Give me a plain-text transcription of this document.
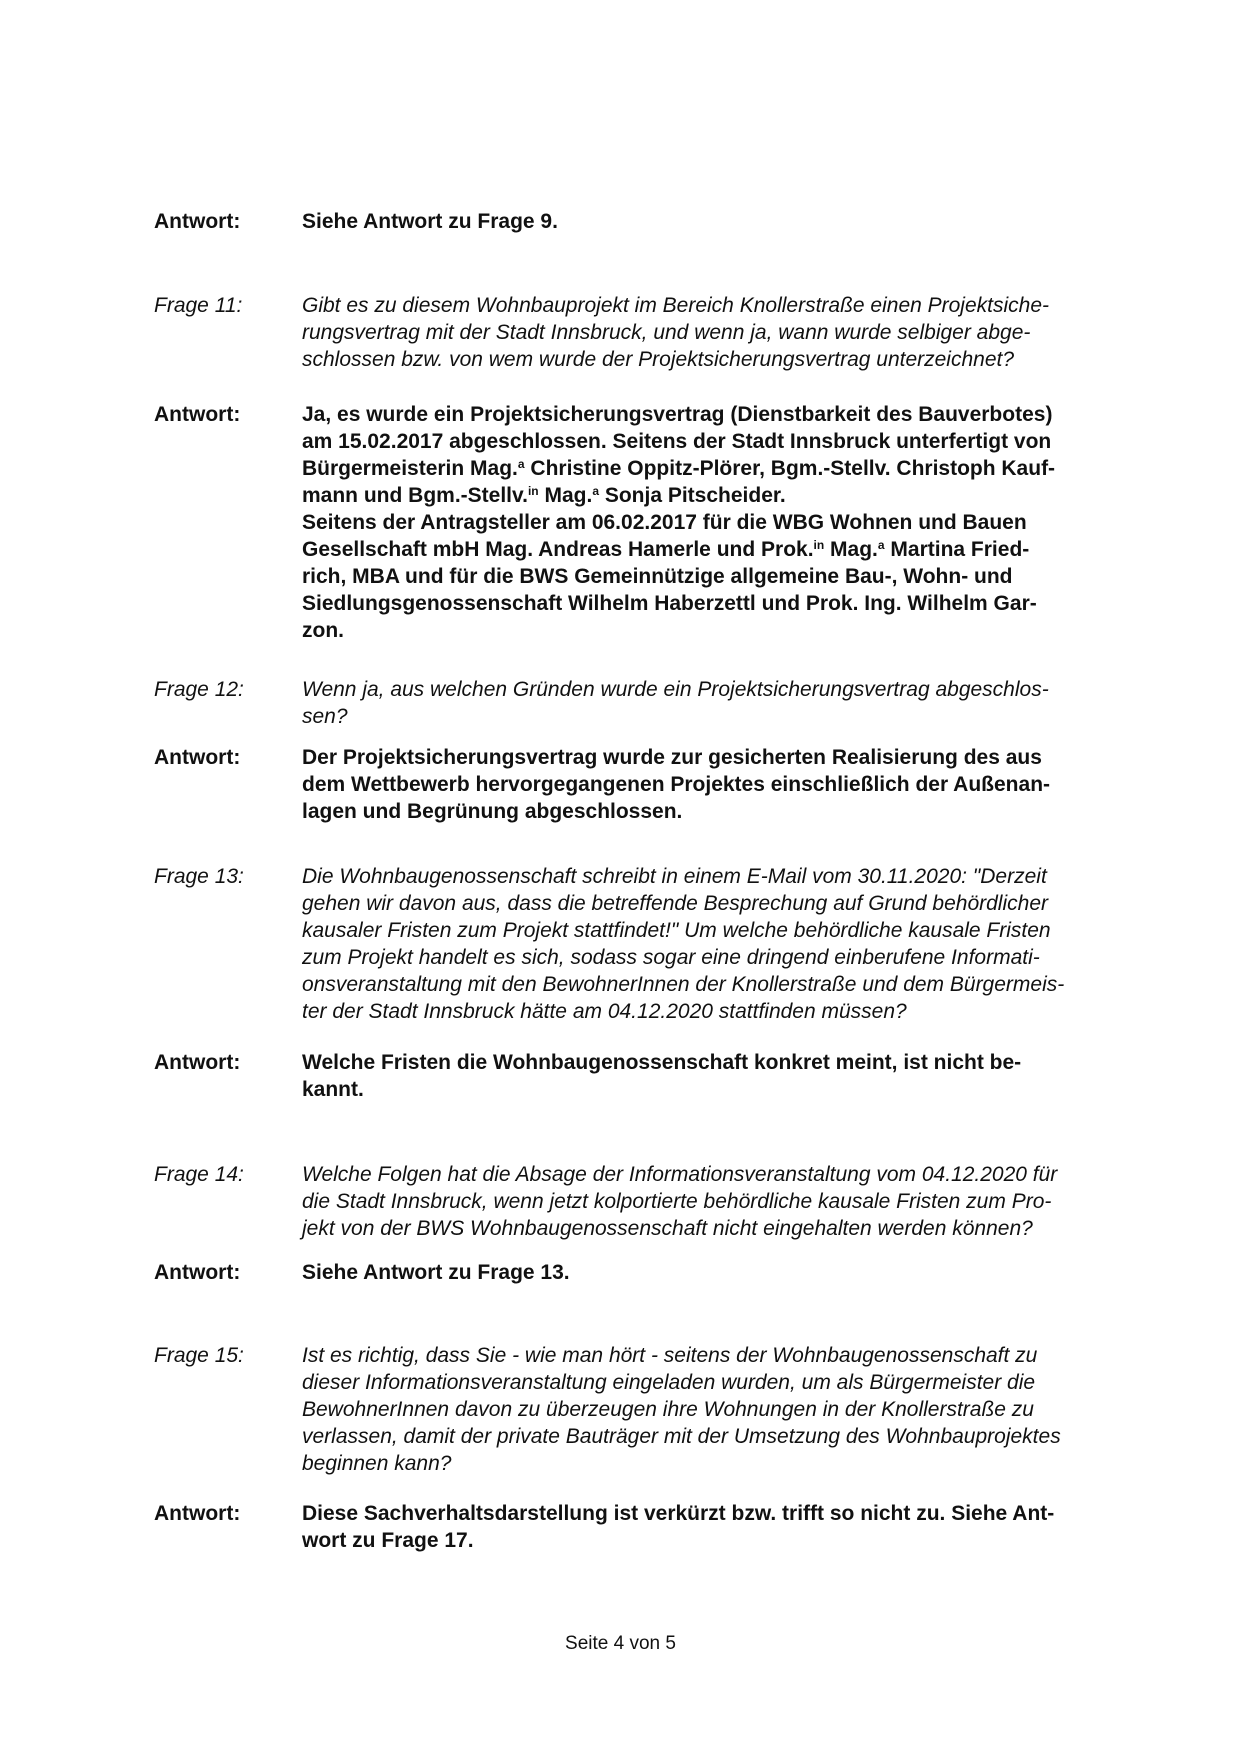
Antwort:	Siehe Antwort zu Frage 9.
Frage 11:	Gibt es zu diesem Wohnbauprojekt im Bereich Knollerstraße einen Projektsiche-
rungsvertrag mit der Stadt Innsbruck, und wenn ja, wann wurde selbiger abge-
schlossen bzw. von wem wurde der Projektsicherungsvertrag unterzeichnet?
Antwort:	Ja, es wurde ein Projektsicherungsvertrag (Dienstbarkeit des Bauverbotes)
am 15.02.2017 abgeschlossen. Seitens der Stadt Innsbruck unterfertigt von
Bürgermeisterin Mag.$^a$ Christine Oppitz-Plörer, Bgm.-Stellv. Christoph Kauf-
mann und Bgm.-Stellv.$^{in}$ Mag.$^a$ Sonja Pitscheider.
Seitens der Antragsteller am 06.02.2017 für die WBG Wohnen und Bauen
Gesellschaft mbH Mag. Andreas Hamerle und Prok.$^{in}$ Mag.$^a$ Martina Fried-
rich, MBA und für die BWS Gemeinnützige allgemeine Bau-, Wohn- und
Siedlungsgenossenschaft Wilhelm Haberzettl und Prok. Ing. Wilhelm Gar-
zon.
Frage 12:	Wenn ja, aus welchen Gründen wurde ein Projektsicherungsvertrag abgeschlos-
sen?
Antwort:	Der Projektsicherungsvertrag wurde zur gesicherten Realisierung des aus
dem Wettbewerb hervorgegangenen Projektes einschließlich der Außenan-
lagen und Begrünung abgeschlossen.
Frage 13:	Die Wohnbaugenossenschaft schreibt in einem E-Mail vom 30.11.2020: "Derzeit
gehen wir davon aus, dass die betreffende Besprechung auf Grund behördlicher
kausaler Fristen zum Projekt stattfindet!" Um welche behördliche kausale Fristen
zum Projekt handelt es sich, sodass sogar eine dringend einberufene Informati-
onsveranstaltung mit den BewohnerInnen der Knollerstraße und dem Bürgermeis-
ter der Stadt Innsbruck hätte am 04.12.2020 stattfinden müssen?
Antwort:	Welche Fristen die Wohnbaugenossenschaft konkret meint, ist nicht be-
kannt.
Frage 14:	Welche Folgen hat die Absage der Informationsveranstaltung vom 04.12.2020 für
die Stadt Innsbruck, wenn jetzt kolportierte behördliche kausale Fristen zum Pro-
jekt von der BWS Wohnbaugenossenschaft nicht eingehalten werden können?
Antwort:	Siehe Antwort zu Frage 13.
Frage 15:	Ist es richtig, dass Sie - wie man hört - seitens der Wohnbaugenossenschaft zu
dieser Informationsveranstaltung eingeladen wurden, um als Bürgermeister die
BewohnerInnen davon zu überzeugen ihre Wohnungen in der Knollerstraße zu
verlassen, damit der private Bauträger mit der Umsetzung des Wohnbauprojektes
beginnen kann?
Antwort:	Diese Sachverhaltsdarstellung ist verkürzt bzw. trifft so nicht zu. Siehe Ant-
wort zu Frage 17.
Seite 4 von 5
